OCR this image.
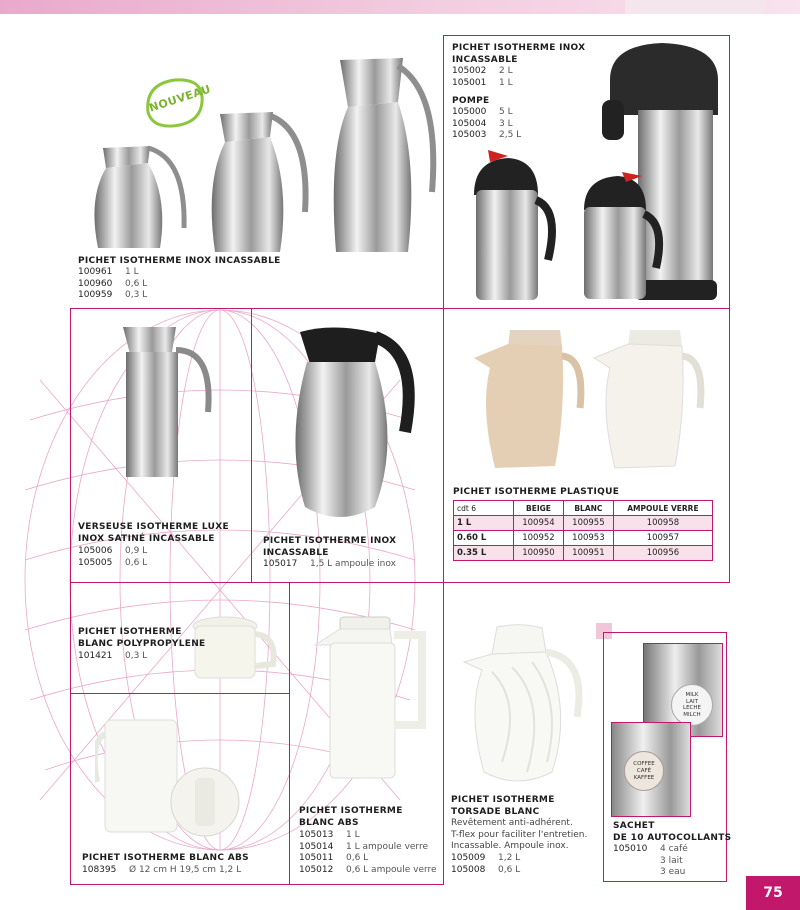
NOUVEAU
PICHET ISOTHERME INOX INCASSABLE
100961 1 L
100960 0,6 L
100959 0,3 L
PICHET ISOTHERME INOX
INCASSABLE
105002 2 L
105001 1 L
POMPE
105000 5 L
105004 3 L
105003 2,5 L
VERSEUSE ISOTHERME LUXE
INOX SATINÉ INCASSABLE
105006 0,9 L
105005 0,6 L
PICHET ISOTHERME INOX
INCASSABLE
105017 1,5 L ampoule inox
PICHET ISOTHERME PLASTIQUE
cdt 6	BEIGE	BLANC	AMPOULE VERRE
1 L	100954	100955	100958
0.60 L	100952	100953	100957
0.35 L	100950	100951	100956
PICHET ISOTHERME
BLANC POLYPROPYLENE
101421 0,3 L
PICHET ISOTHERME BLANC ABS
108395 Ø 12 cm H 19,5 cm 1,2 L
PICHET ISOTHERME
BLANC ABS
105013 1 L
105014 1 L ampoule verre
105011 0,6 L
105012 0,6 L ampoule verre
PICHET ISOTHERME
TORSADE BLANC
Revêtement anti-adhérent.
T-flex pour faciliter l'entretien.
Incassable. Ampoule inox.
105009 1,2 L
105008 0,6 L
MILK
LAIT
LECHE
MILCH
COFFEE
CAFÉ
KAFFEE
SACHET
DE 10 AUTOCOLLANTS
105010 4 café
3 lait
3 eau
75
